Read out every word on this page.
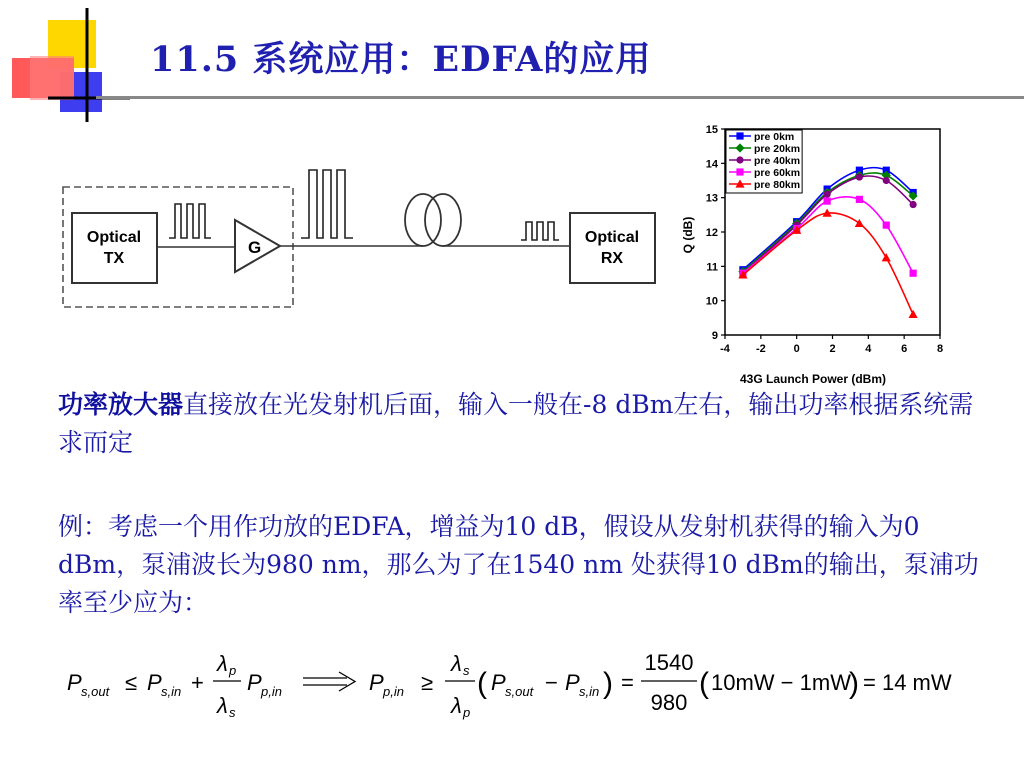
11.5 系统应用：EDFA的应用
Optical
TX
G
Optical
RX
9
10
11
12
13
14
15
-4 -2	0	2	4	6	8
pre 0km
pre 20km
pre 40km
pre 60km
pre 80km
43G Launch Power (dBm)
Q (dB)
功率放大器直接放在光发射机后面，输入一般在-8 dBm左右，输出功率根据系统需求而定
例：考虑一个用作功放的EDFA，增益为10 dB，假设从发射机获得的输入为0 dBm，泵浦波长为980 nm，那么为了在1540 nm 处获得10 dBm的输出，泵浦功率至少应为：
P s,out ≤ P s,in +
λ p
λ s
P p,in	P p,in ≥
λ s
λ p
( P s,out − P s,in ) =
1540
980
( 10mW − 1mW
) = 14 mW
